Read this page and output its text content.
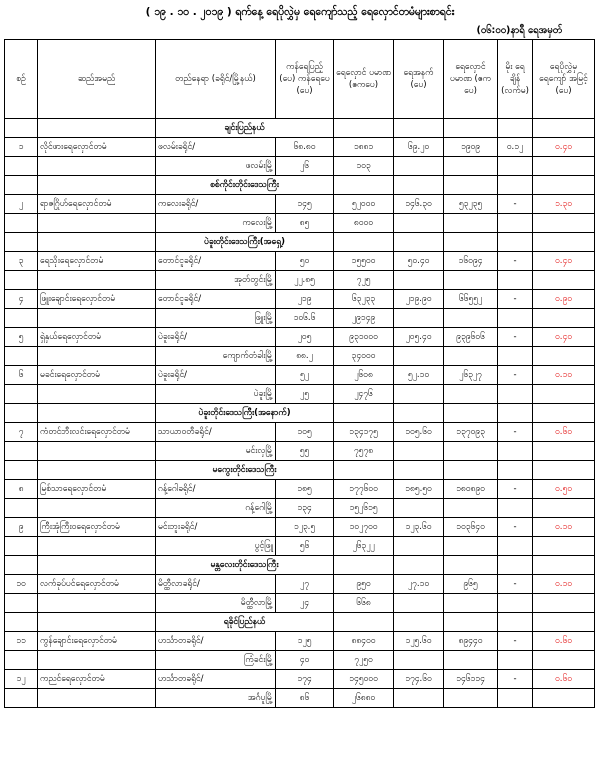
( ၁၉ . ၁၀ . ၂၀၁၉ ) ရက်နေ့ ရေပိုလွှဲမှ ရေကျော်သည့် ရေလှောင်တမံများစာရင်း
(၀၆:၀၀)နာရီ ရေအမှတ်
စဉ်	ဆည်အမည်	တည်နေရာ (ခရိုင်/မြို့နယ်)	ကန်ရေပြည့် (ပေ) ကန်ရေပေ (ပေ)	ရေလှောင် ပမာဏ (ဧကပေ)	ရေအနက် (ပေ)	ရေလှောင် ပမာဏ (ဧကပေ)	မိုး ရေ ချိန် (လက်မ)	ရေပိုလွှဲမှ ရေကျော် အမြင့် (ပေ)
		ချင်းပြည်နယ်						
၁	လိုင်ဖားရေလှောင်တမံ	ဖလမ်းခရိုင်/	၆၈.၈၀	၁၈၈၁	၆၉.၂၀	၁၉၀၉	၀.၁၂	၀.၄၀
		ဖလမ်းမြို့	၂၆	၁၀၃				
		စစ်ကိုင်းတိုင်းဒေသကြီး						
၂	ရာဇဂြိုဟ်ရေလှောင်တမံ	ကလေးခရိုင်/	၁၄၅	၅၂၀၀၀	၁၄၆.၃၀	၅၃၂၃၅	-	၁.၃၀
		ကလေးမြို့	၈၅	၈၀၀၀				
		ပဲခူးတိုင်းဒေသကြီး(အရှေ့)						
၃	ရေသိုးရေလှောင်တမံ	တောင်ငူခရိုင်/	၅၀	၁၅၅၀၀	၅၀.၄၀	၁၆၀၉၄	-	၀.၄၀
		အုတ်တွင်းမြို့	၂၂.၈၅	၇၂၅				
၄	ဖြူးချောင်းရေလှောင်တမံ	တောင်ငူခရိုင်/	၂၁၉	၆၃၂၃၃	၂၁၉.၉၀	၆၆၅၅၂	-	၀.၉၀
		ဖြူးမြို့	၁၀၆.၆	၂၉၁၄၉				
၅	ရှဲနှယ်ရေလှောင်တမံ	ပဲခူးခရိုင်/	၂၀၅	၉၃၁၀၀၀	၂၀၅.၄၀	၉၃၉၆၀၆	-	၀.၄၀
		ကျောက်တံခါးမြို့	၈၈.၂	၃၄၀၀၀				
၆	မခင်းရေလှောင်တမံ	ပဲခူးခရိုင်/	၅၂	၂၆၀၈	၅၂.၁၀	၂၆၃၂၇	-	၀.၁၀
		ပဲခူးမြို့	၂၅	၂၄၇၆				
		ပဲခူးတိုင်းဒေသကြီး(အနောက်)						
၇	ကံတင်ဘီးလင်းရေလှောင်တမံ	သာယာဝတီခရိုင်/	၁၀၅	၁၃၄၁၇၅	၁၀၅.၆၀	၁၃၇၀၉၃	-	၀.၆၀
		မင်းလှမြို့	၅၅	၇၅၇၈				
		မကွေးတိုင်းဒေသကြီး						
၈	မြစ်သာရေလှောင်တမံ	ဂန့်ဂေါခရိုင်/	၁၈၅	၁၇၇၆၀၀	၁၈၅.၅၀	၁၈၀၈၉၀	-	၀.၅၀
		ဂန့်ဂေါမြို့	၁၃၄	၁၅၂၆၁၅				
၉	ကြီးအုံကြီးဝရေလှောင်တမံ	မင်းဘူးခရိုင်/	၁၂၃.၅	၁၀၂၇၀၀	၁၂၃.၆၀	၁၀၃၆၄၀	-	၀.၁၀
		ပွင့်ဖြူ	၅၆	၂၆၃၂၂				
		မန္တလေးတိုင်းဒေသကြီး						
၁၀	လက်ခုပ်ပင်ရေလှောင်တမံ	မိတ္ထီလာခရိုင်/	၂၇	၉၅၀	၂၇.၁၀	၉၆၅	-	၀.၁၀
		မိတ္ထီလာမြို့	၂၄	၆၆၈				
		ရခိုင်ပြည်နယ်						
၁၁	ကွန်ချောင်းရေလှောင်တမံ	ဟင်္သာတခရိုင်/	၁၂၅	၈၈၄၀၀	၁၂၅.၆၀	၈၉၄၄၀	-	၀.၆၀
		ကြံခင်းမြို့	၄၀	၇၂၅၀				
၁၂	ကညင်ရေလှောင်တမံ	ဟင်္သာတခရိုင်/	၁၇၄	၁၄၅၀၀၀	၁၇၄.၆၀	၁၄၆၁၁၄	-	၀.၆၀
		အင်္ဂပူမြို့	၈၆	၂၆၈၈၀				
